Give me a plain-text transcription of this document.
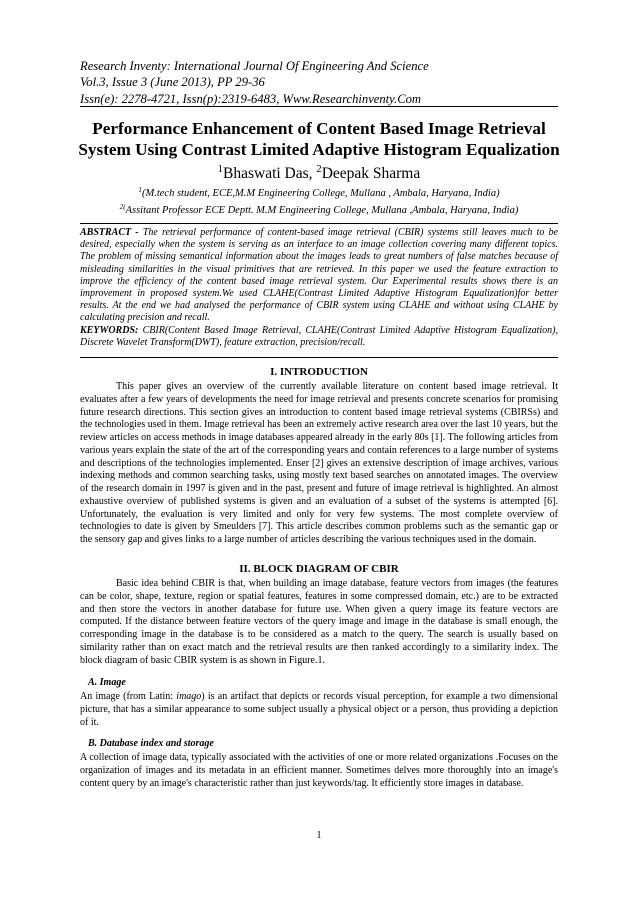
Research Inventy: International Journal Of Engineering And Science
Vol.3, Issue 3 (June 2013), PP 29-36
Issn(e): 2278-4721, Issn(p):2319-6483, Www.Researchinventy.Com
Performance Enhancement of Content Based Image Retrieval
System Using Contrast Limited Adaptive Histogram Equalization
$^1$Bhaswati Das, $^2$Deepak Sharma
$^1$(M.tech student, ECE,M.M Engineering College, Mullana , Ambala, Haryana, India)
$^{2(}$Assitant Professor ECE Deptt. M.M Engineering College, Mullana ,Ambala, Haryana, India)
ABSTRACT - The retrieval performance of content-based image retrieval (CBIR) systems still leaves much to be desired, especially when the system is serving as an interface to an image collection covering many different topics. The problem of missing semantical information about the images leads to great numbers of false matches because of misleading similarities in the visual primitives that are retrieved. In this paper we used the feature extraction to improve the efficiency of the content based image retrieval system. Our Experimental results shows there is an improvement in proposed system.We used CLAHE(Contrast Limited Adaptive Histogram Equalization)for better results. At the end we had analysed the performance of CBIR system using CLAHE and without using CLAHE by calculating precision and recall.
KEYWORDS: CBIR(Content Based Image Retrieval, CLAHE(Contrast Limited Adaptive Histogram Equalization), Discrete Wavelet Transform(DWT), feature extraction, precision/recall.
I. INTRODUCTION

This paper gives an overview of the currently available literature on content based image retrieval. It evaluates after a few years of developments the need for image retrieval and presents concrete scenarios for promising future research directions. This section gives an introduction to content based image retrieval systems (CBIRSs) and the technologies used in them. Image retrieval has been an extremely active research area over the last 10 years, but the review articles on access methods in image databases appeared already in the early 80s [1]. The following articles from various years explain the state of the art of the corresponding years and contain references to a large number of systems and descriptions of the technologies implemented. Enser [2] gives an extensive description of image archives, various indexing methods and common searching tasks, using mostly text based searches on annotated images. The overview of the research domain in 1997 is given and in the past, present and future of image retrieval is highlighted. An almost exhaustive overview of published systems is given and an evaluation of a subset of the systems is attempted [6]. Unfortunately, the evaluation is very limited and only for very few systems. The most complete overview of technologies to date is given by Smeulders [7]. This article describes common problems such as the semantic gap or the sensory gap and gives links to a large number of articles describing the various techniques used in the domain.

II. BLOCK DIAGRAM OF CBIR

Basic idea behind CBIR is that, when building an image database, feature vectors from images (the features can be color, shape, texture, region or spatial features, features in some compressed domain, etc.) are to be extracted and then store the vectors in another database for future use. When given a query image its feature vectors are computed. If the distance between feature vectors of the query image and image in the database is small enough, the corresponding image in the database is to be considered as a match to the query. The search is usually based on similarity rather than on exact match and the retrieval results are then ranked accordingly to a similarity index. The block diagram of basic CBIR system is as shown in Figure.1.

A. Image
An image (from Latin: imago) is an artifact that depicts or records visual perception, for example a two dimensional picture, that has a similar appearance to some subject usually a physical object or a person, thus providing a depiction of it.
B. Database index and storage
A collection of image data, typically associated with the activities of one or more related organizations .Focuses on the organization of images and its metadata in an efficient manner. Sometimes delves more thoroughly into an image's content query by an image's characteristic rather than just keywords/tag. It efficiently store images in database.
1
